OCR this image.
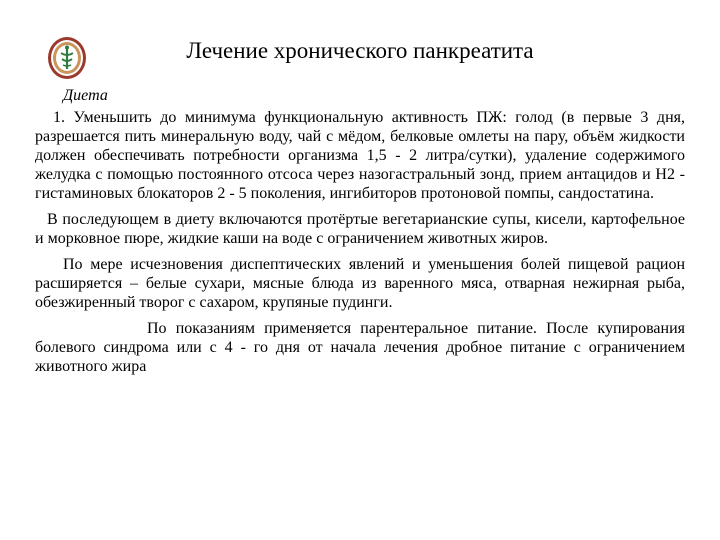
Лечение хронического панкреатита
Диета

1. Уменьшить до минимума функциональную активность ПЖ: голод (в первые 3 дня, разрешается пить минеральную воду, чай с мёдом, белковые омлеты на пару, объём жидкости должен обеспечивать потребности организма 1,5 - 2 литра/сутки), удаление содержимого желудка с помощью постоянного отсоса через назогастральный зонд, прием антацидов и Н2 - гистаминовых блокаторов 2 - 5 поколения, ингибиторов протоновой помпы, сандостатина.

В последующем в диету включаются протёртые вегетарианские супы, кисели, картофельное и морковное пюре, жидкие каши на воде с ограничением животных жиров.

По мере исчезновения диспептических явлений и уменьшения болей пищевой рацион расширяется – белые сухари, мясные блюда из варенного мяса, отварная нежирная рыба, обезжиренный творог с сахаром, крупяные пудинги.

По показаниям применяется парентеральное питание. После купирования болевого синдрома или с 4 - го дня от начала лечения дробное питание с ограничением животного жира
